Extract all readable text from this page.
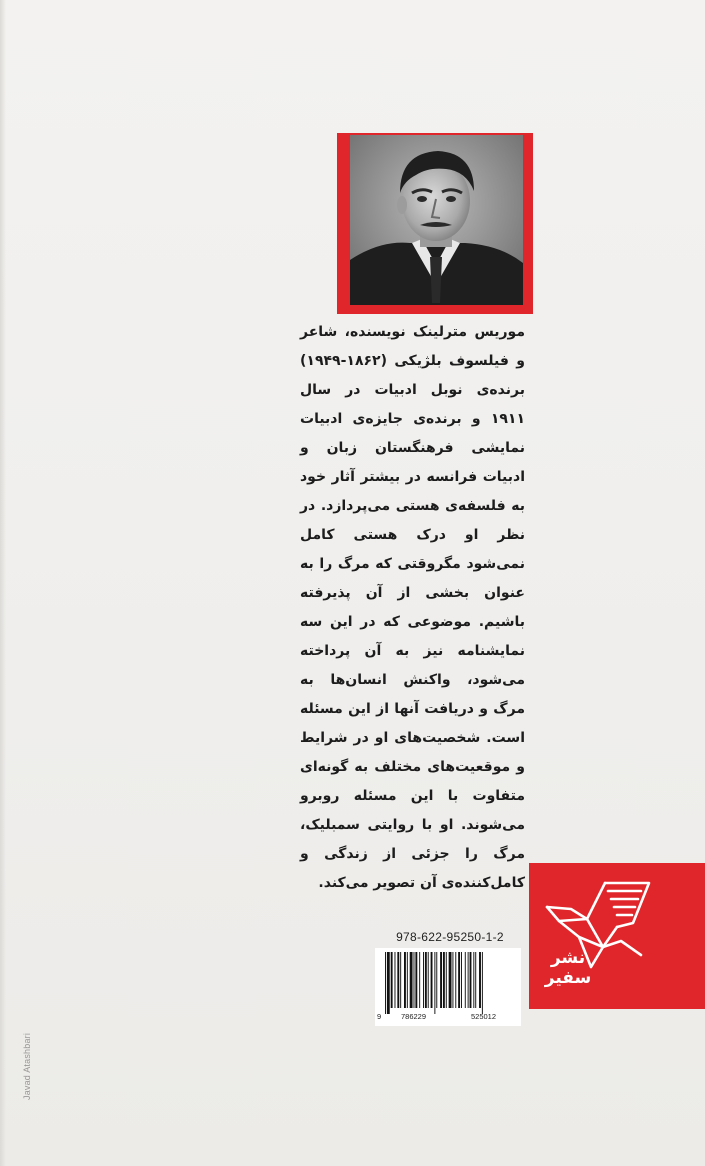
موریس مترلینک نویسنده، شاعر و فیلسوف بلژیکی (۱۸۶۲-۱۹۴۹) برنده‌ی نوبل ادبیات در سال ۱۹۱۱ و برنده‌ی جایزه‌ی ادبیات نمایشی فرهنگستان زبان و ادبیات فرانسه در بیشتر آثار خود به فلسفه‌ی هستی می‌پردازد. در نظر او درک هستی کامل نمی‌شود مگروقتی که مرگ را به عنوان بخشی از آن پذیرفته باشیم. موضوعی که در این سه نمایشنامه نیز به آن پرداخته می‌شود، واکنش انسان‌ها به مرگ و دریافت آنها از این مسئله است. شخصیت‌های او در شرایط و موقعیت‌های مختلف به گونه‌ای متفاوت با این مسئله روبرو می‌شوند. او با روایتی سمبلیک، مرگ را جزئی از زندگی و کامل‌کننده‌ی آن تصویر می‌کند.

978-622-95250-1-2
9	786229	525012
نشر
سفیر
Javad Atashbari
